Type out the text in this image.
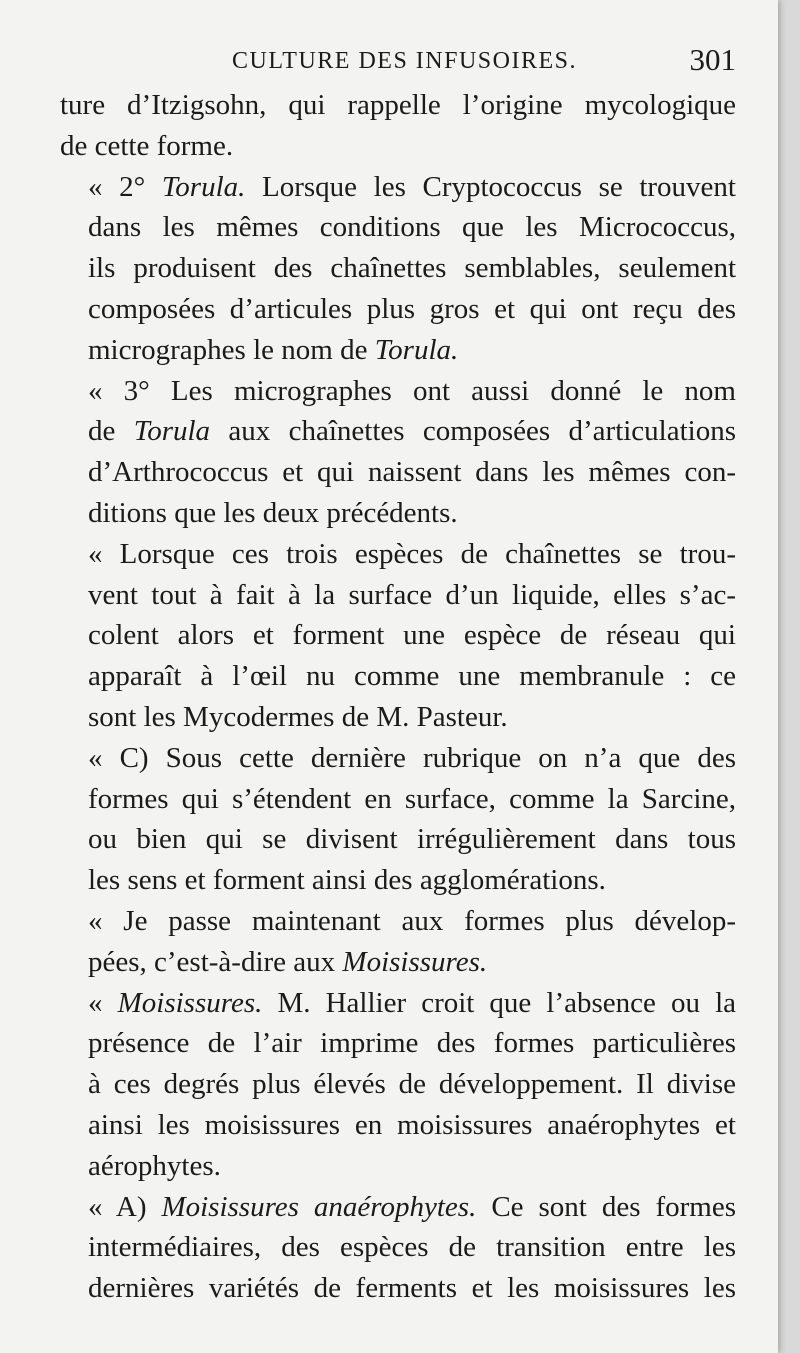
CULTURE DES INFUSOIRES.	301

ture d’Itzigsohn, qui rappelle l’origine mycologique
de cette forme.

« 2° Torula. Lorsque les Cryptococcus se trouvent
dans les mêmes conditions que les Micrococcus,
ils produisent des chaînettes semblables, seulement
composées d’articules plus gros et qui ont reçu des
micrographes le nom de Torula.

« 3° Les micrographes ont aussi donné le nom
de Torula aux chaînettes composées d’articulations
d’Arthrococcus et qui naissent dans les mêmes con-
ditions que les deux précédents.

« Lorsque ces trois espèces de chaînettes se trou-
vent tout à fait à la surface d’un liquide, elles s’ac-
colent alors et forment une espèce de réseau qui
apparaît à l’œil nu comme une membranule : ce
sont les Mycodermes de M. Pasteur.

« C) Sous cette dernière rubrique on n’a que des
formes qui s’étendent en surface, comme la Sarcine,
ou bien qui se divisent irrégulièrement dans tous
les sens et forment ainsi des agglomérations.

« Je passe maintenant aux formes plus dévelop-
pées, c’est-à-dire aux Moisissures.

« Moisissures. M. Hallier croit que l’absence ou la
présence de l’air imprime des formes particulières
à ces degrés plus élevés de développement. Il divise
ainsi les moisissures en moisissures anaérophytes et
aérophytes.

« A) Moisissures anaérophytes. Ce sont des formes
intermédiaires, des espèces de transition entre les
dernières variétés de ferments et les moisissures les
